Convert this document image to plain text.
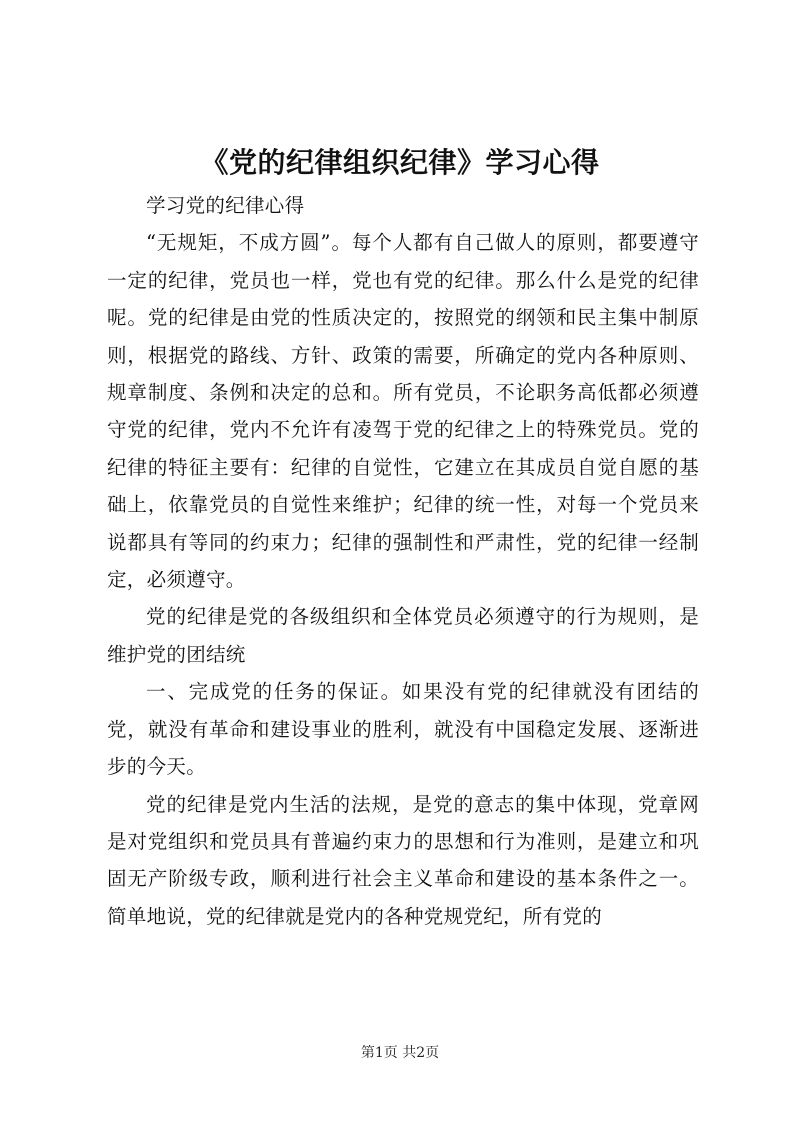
《党的纪律组织纪律》学习心得

学习党的纪律心得

“无规矩，不成方圆”。每个人都有自己做人的原则，都要遵守一定的纪律，党员也一样，党也有党的纪律。那么什么是党的纪律呢。党的纪律是由党的性质决定的，按照党的纲领和民主集中制原则，根据党的路线、方针、政策的需要，所确定的党内各种原则、规章制度、条例和决定的总和。所有党员，不论职务高低都必须遵守党的纪律，党内不允许有凌驾于党的纪律之上的特殊党员。党的纪律的特征主要有：纪律的自觉性，它建立在其成员自觉自愿的基础上，依靠党员的自觉性来维护；纪律的统一性，对每一个党员来说都具有等同的约束力；纪律的强制性和严肃性，党的纪律一经制定，必须遵守。

党的纪律是党的各级组织和全体党员必须遵守的行为规则，是维护党的团结统

一、完成党的任务的保证。如果没有党的纪律就没有团结的党，就没有革命和建设事业的胜利，就没有中国稳定发展、逐渐进步的今天。

党的纪律是党内生活的法规，是党的意志的集中体现，党章网是对党组织和党员具有普遍约束力的思想和行为准则，是建立和巩固无产阶级专政，顺利进行社会主义革命和建设的基本条件之一。简单地说，党的纪律就是党内的各种党规党纪，所有党的

第1页 共2页
